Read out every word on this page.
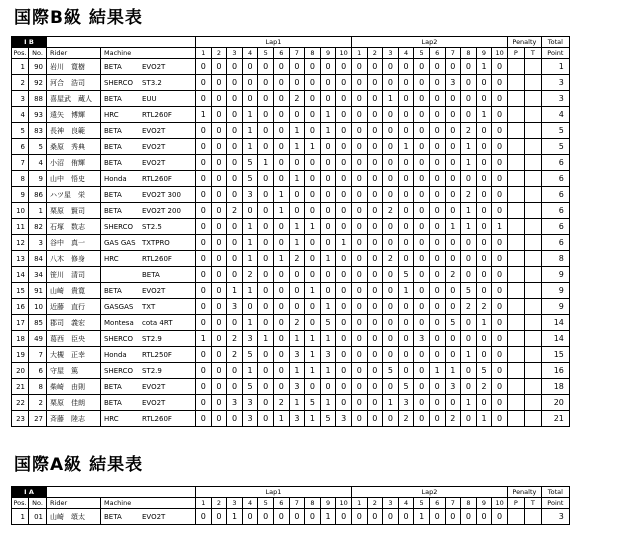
国際B級 結果表
I B				Lap1										Lap2										Penalty		Total
Pos.	No.	Rider	Machine	1	2	3	4	5	6	7	8	9	10	1	2	3	4	5	6	7	8	9	10	P	T	Point
1	90	岩川　寛樹	BETA EVO2T	0	0	0	0	0	0	0	0	0	0	0	0	0	0	0	0	0	0	1	0			1
2	92	河合　浩司	SHERCO ST3.2	0	0	0	0	0	0	0	0	0	0	0	0	0	0	0	0	3	0	0	0			3
3	88	喜屋武　蔵人	BETA EUU	0	0	0	0	0	0	2	0	0	0	0	0	1	0	0	0	0	0	0	0			3
4	93	遠矢　博輝	HRC RTL260F	1	0	0	1	0	0	0	0	1	0	0	0	0	0	0	0	0	0	1	0			4
5	83	長神　良範	BETA EVO2T	0	0	0	1	0	0	1	0	1	0	0	0	0	0	0	0	0	2	0	0			5
6	5	桑原　秀典	BETA EVO2T	0	0	0	1	0	0	1	1	0	0	0	0	0	1	0	0	0	1	0	0			5
7	4	小沼　侑輝	BETA EVO2T	0	0	0	5	1	0	0	0	0	0	0	0	0	0	0	0	0	1	0	0			6
8	9	山中　悟史	Honda RTL260F	0	0	0	5	0	0	1	0	0	0	0	0	0	0	0	0	0	0	0	0			6
9	86	ハツ星　栄	BETA EVO2T 300	0	0	0	3	0	1	0	0	0	0	0	0	0	0	0	0	0	2	0	0			6
10	1	栗原　賢司	BETA EVO2T 200	0	0	2	0	0	1	0	0	0	0	0	0	2	0	0	0	0	1	0	0			6
11	82	石塚　数志	SHERCO ST2.5	0	0	0	1	0	0	1	1	0	0	0	0	0	0	0	0	1	1	0	1			6
12	3	谷中　真一	GAS GAS TXTPRO	0	0	0	1	0	0	1	0	0	1	0	0	0	0	0	0	0	0	0	0			6
13	84	八木　修身	HRC RTL260F	0	0	0	1	0	1	2	0	1	0	0	0	2	0	0	0	0	0	0	0			8
14	34	笹川　清司	BETA	0	0	0	2	0	0	0	0	0	0	0	0	0	5	0	0	2	0	0	0			9
15	91	山崎　貴寛	BETA EVO2T	0	0	1	1	0	0	0	1	0	0	0	0	0	1	0	0	0	5	0	0			9
16	10	近藤　直行	GASGAS TXT	0	0	3	0	0	0	0	0	1	0	0	0	0	0	0	0	0	2	2	0			9
17	85	郡司　義宏	Montesa cota 4RT	0	0	0	1	0	0	2	0	5	0	0	0	0	0	0	0	5	0	1	0			14
18	49	葛西　臣央	SHERCO ST2.9	1	0	2	3	1	0	1	1	1	0	0	0	0	0	3	0	0	0	0	0			14
19	7	大槻　正幸	Honda RTL250F	0	0	2	5	0	0	3	1	3	0	0	0	0	0	0	0	0	1	0	0			15
20	6	守屋　篤	SHERCO ST2.9	0	0	0	1	0	0	1	1	1	0	0	0	5	0	0	1	1	0	5	0			16
21	8	柴崎　由則	BETA EVO2T	0	0	0	5	0	0	3	0	0	0	0	0	0	5	0	0	3	0	2	0			18
22	2	栗原　佳朗	BETA EVO2T	0	0	3	3	0	2	1	5	1	0	0	0	1	3	0	0	0	1	0	0			20
23	27	斉藤　陸志	HRC RTL260F	0	0	0	3	0	1	3	1	5	3	0	0	0	2	0	0	2	0	1	0			21
国際A級 結果表
I A				Lap1										Lap2										Penalty		Total
Pos.	No.	Rider	Machine	1	2	3	4	5	6	7	8	9	10	1	2	3	4	5	6	7	8	9	10	P	T	Point
1	01	山崎　頌太	BETA EVO2T	0	0	1	0	0	0	0	0	1	0	0	0	0	0	1	0	0	0	0	0			3
